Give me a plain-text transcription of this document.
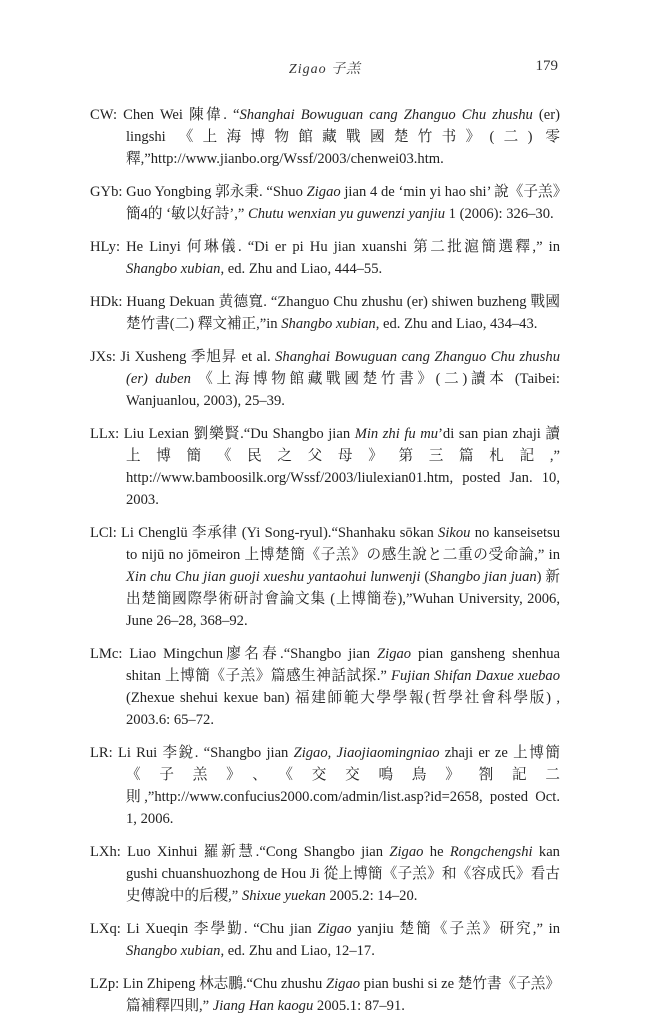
Zigao 子羔	179

CW: Chen Wei 陳偉. “Shanghai Bowuguan cang Zhanguo Chu zhushu (er) lingshi 《上海博物館藏戰國楚竹书》(二) 零釋,”http://www.jianbo.org/Wssf/2003/chenwei03.htm.

GYb: Guo Yongbing 郭永秉. “Shuo Zigao jian 4 de ‘min yi hao shi’ 說《子羔》簡4的 ‘敏以好詩’,” Chutu wenxian yu guwenzi yanjiu 1 (2006): 326–30.

HLy: He Linyi 何琳儀. “Di er pi Hu jian xuanshi 第二批滬簡選釋,” in Shangbo xubian, ed. Zhu and Liao, 444–55.

HDk: Huang Dekuan 黄德寬. “Zhanguo Chu zhushu (er) shiwen buzheng 戰國楚竹書(二) 釋文補正,”in Shangbo xubian, ed. Zhu and Liao, 434–43.

JXs: Ji Xusheng 季旭昇 et al. Shanghai Bowuguan cang Zhanguo Chu zhushu (er) duben 《上海博物館藏戰國楚竹書》(二)讀本 (Taibei: Wanjuanlou, 2003), 25–39.

LLx: Liu Lexian 劉樂賢.“Du Shangbo jian Min zhi fu mu’di san pian zhaji 讀上博簡《民之父母》第三篇札記,” http://www.bamboosilk.org/Wssf/2003/liulexian01.htm, posted Jan. 10, 2003.

LCl: Li Chenglü 李承律 (Yi Song-ryul).“Shanhaku sōkan Sikou no kanseisetsu to nijū no jōmeiron 上博楚簡《子羔》の感生說と二重の受命論,” in Xin chu Chu jian guoji xueshu yantaohui lunwenji (Shangbo jian juan) 新出楚簡國際學術研討會論文集 (上博簡卷),”Wuhan University, 2006, June 26–28, 368–92.

LMc: Liao Mingchun廖名春.“Shangbo jian Zigao pian gansheng shenhua shitan 上博簡《子羔》篇感生神話試探.” Fujian Shifan Daxue xuebao (Zhexue shehui kexue ban) 福建師範大學學報(哲學社會科學版) , 2003.6: 65–72.

LR: Li Rui 李銳. “Shangbo jian Zigao, Jiaojiaomingniao zhaji er ze 上博簡《子羔》、《交交鳴鳥》劄記二則,”http://www.confucius2000.com/admin/list.asp?id=2658, posted Oct. 1, 2006.

LXh: Luo Xinhui 羅新慧.“Cong Shangbo jian Zigao he Rongchengshi kan gushi chuanshuozhong de Hou Ji 從上博簡《子羔》和《容成氏》看古史傳說中的后稷,” Shixue yuekan 2005.2: 14–20.

LXq: Li Xueqin 李學勤. “Chu jian Zigao yanjiu 楚簡《子羔》研究,” in Shangbo xubian, ed. Zhu and Liao, 12–17.

LZp: Lin Zhipeng 林志鵬.“Chu zhushu Zigao pian bushi si ze 楚竹書《子羔》篇補釋四則,” Jiang Han kaogu 2005.1: 87–91.
